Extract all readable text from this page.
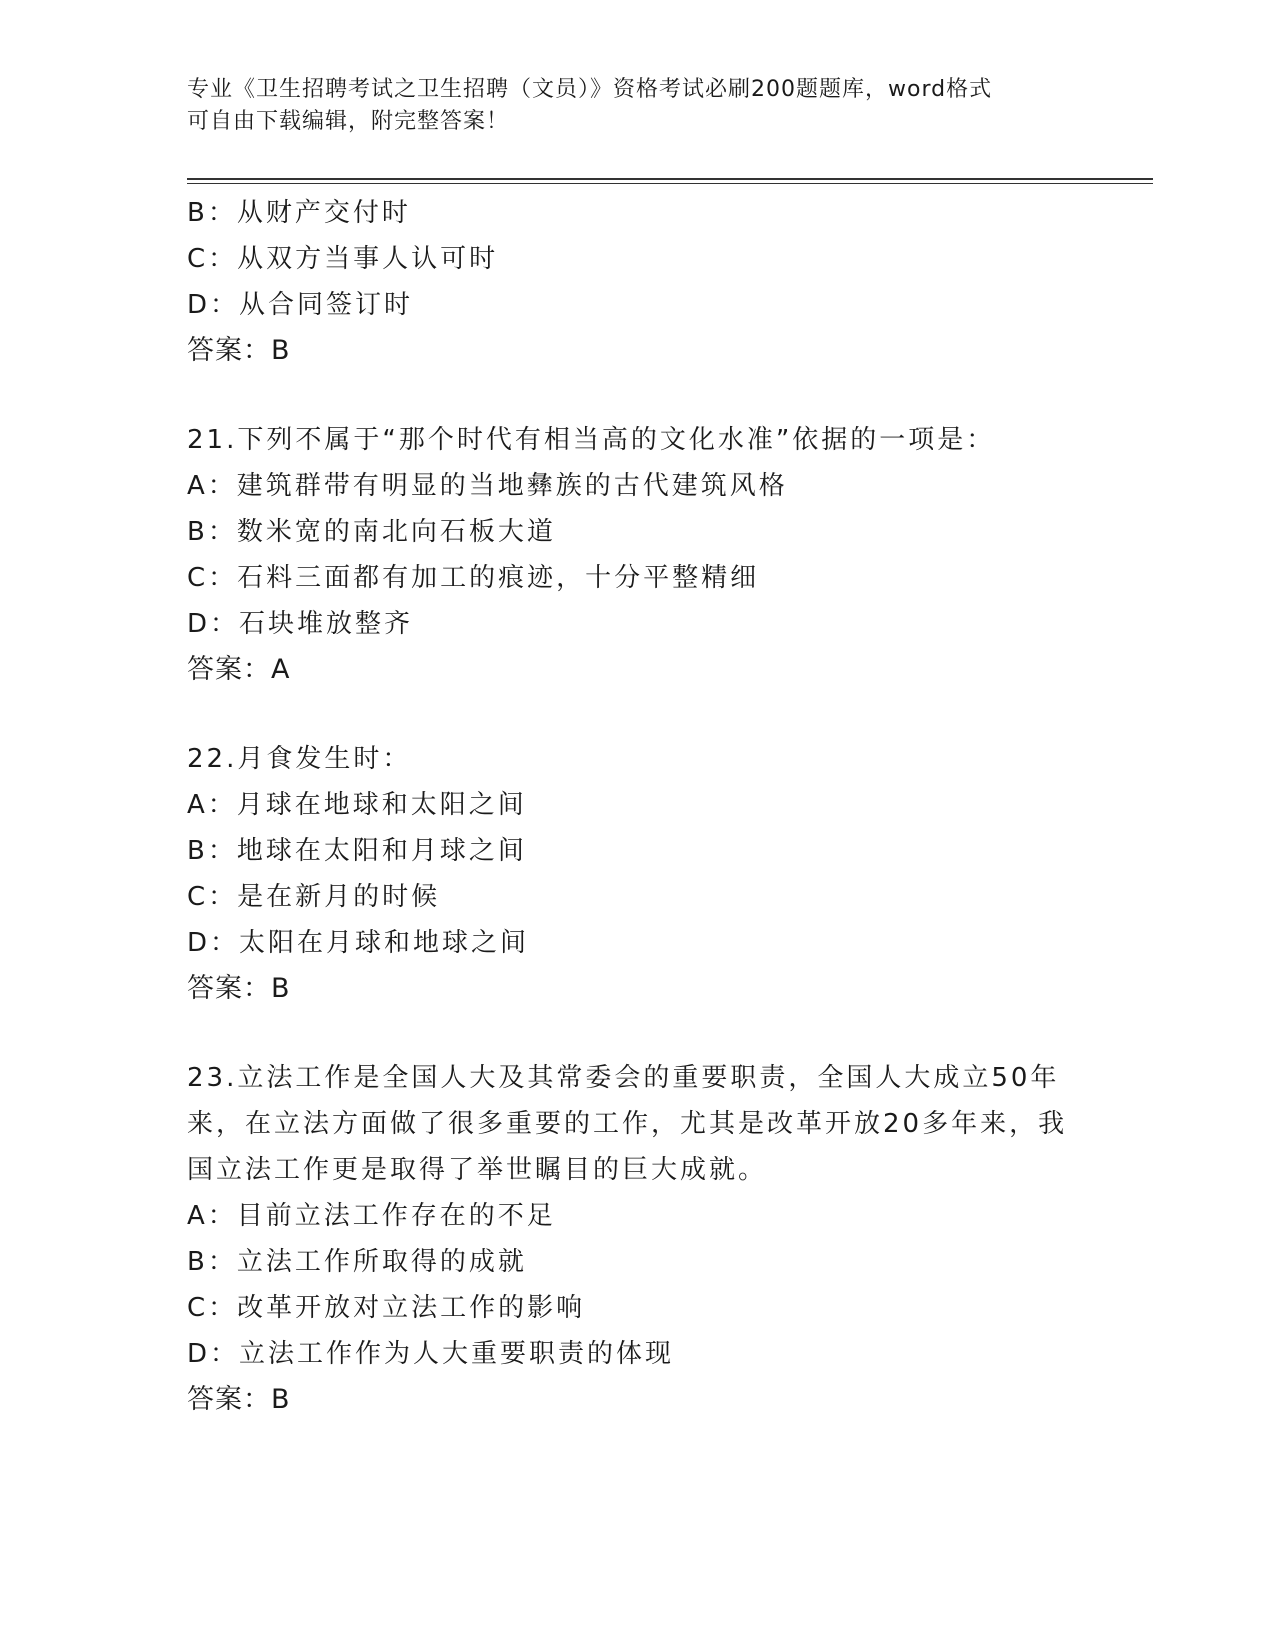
专业《卫生招聘考试之卫生招聘（文员）》资格考试必刷200题题库，word格式
可自由下载编辑，附完整答案！
B：从财产交付时
C：从双方当事人认可时
D：从合同签订时
答案：B
21.下列不属于“那个时代有相当高的文化水准”依据的一项是：
A：建筑群带有明显的当地彝族的古代建筑风格
B：数米宽的南北向石板大道
C：石料三面都有加工的痕迹，十分平整精细
D：石块堆放整齐
答案：A
22.月食发生时：
A：月球在地球和太阳之间
B：地球在太阳和月球之间
C：是在新月的时候
D：太阳在月球和地球之间
答案：B
23.立法工作是全国人大及其常委会的重要职责，全国人大成立50年
来，在立法方面做了很多重要的工作，尤其是改革开放20多年来，我
国立法工作更是取得了举世瞩目的巨大成就。
A：目前立法工作存在的不足
B：立法工作所取得的成就
C：改革开放对立法工作的影响
D：立法工作作为人大重要职责的体现
答案：B
